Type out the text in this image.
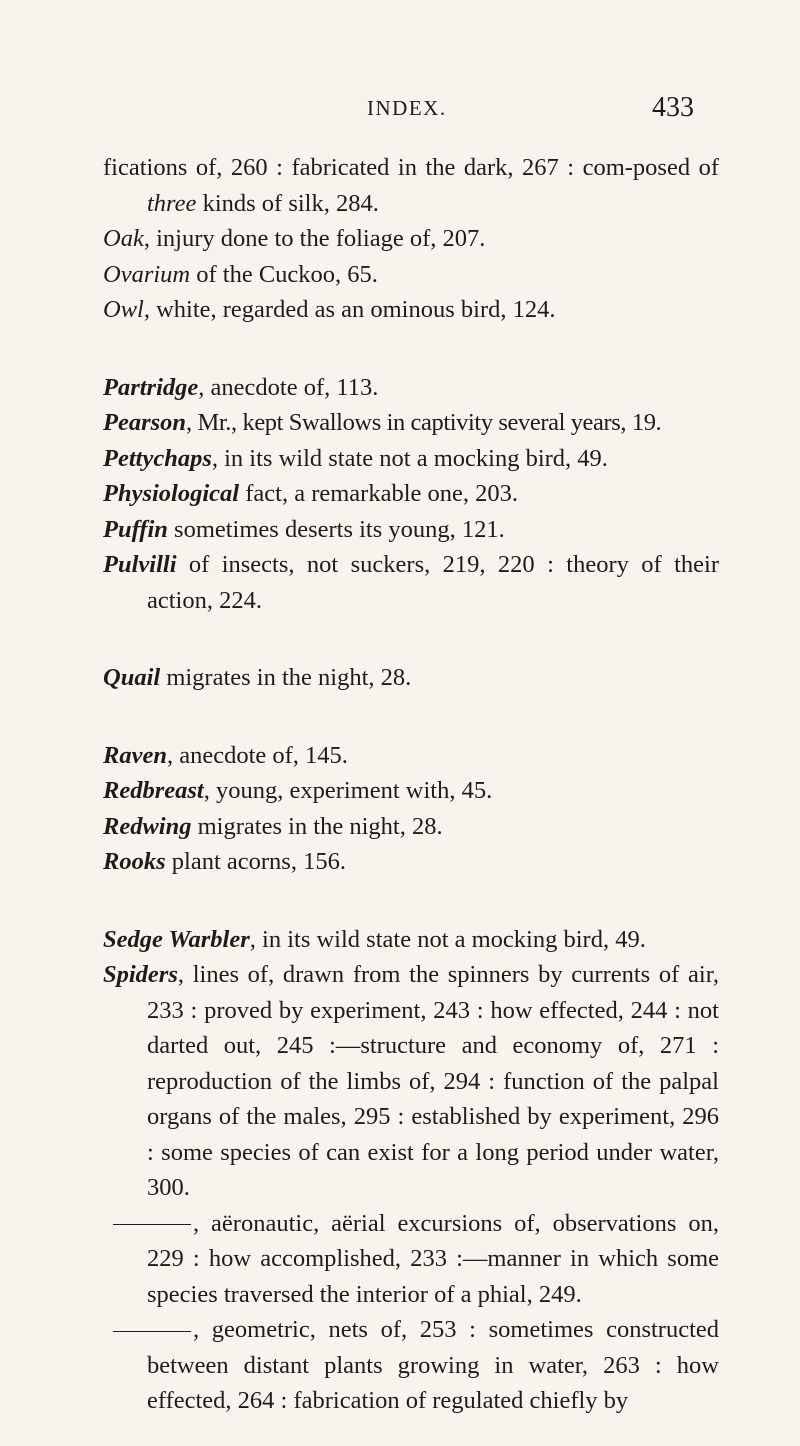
INDEX.	433

fications of, 260 : fabricated in the dark, 267 : com-posed of three kinds of silk, 284.

Oak, injury done to the foliage of, 207.

Ovarium of the Cuckoo, 65.

Owl, white, regarded as an ominous bird, 124.

Partridge, anecdote of, 113.

Pearson, Mr., kept Swallows in captivity several years, 19.

Pettychaps, in its wild state not a mocking bird, 49.

Physiological fact, a remarkable one, 203.

Puffin sometimes deserts its young, 121.

Pulvilli of insects, not suckers, 219, 220 : theory of their action, 224.

Quail migrates in the night, 28.

Raven, anecdote of, 145.

Redbreast, young, experiment with, 45.

Redwing migrates in the night, 28.

Rooks plant acorns, 156.

Sedge Warbler, in its wild state not a mocking bird, 49.

Spiders, lines of, drawn from the spinners by currents of air, 233 : proved by experiment, 243 : how effected, 244 : not darted out, 245 :—structure and economy of, 271 : reproduction of the limbs of, 294 : function of the palpal organs of the males, 295 : established by experiment, 296 : some species of can exist for a long period under water, 300.

, aëronautic, aërial excursions of, observations on, 229 : how accomplished, 233 :—manner in which some species traversed the interior of a phial, 249.

, geometric, nets of, 253 : sometimes constructed between distant plants growing in water, 263 : how effected, 264 : fabrication of regulated chiefly by
